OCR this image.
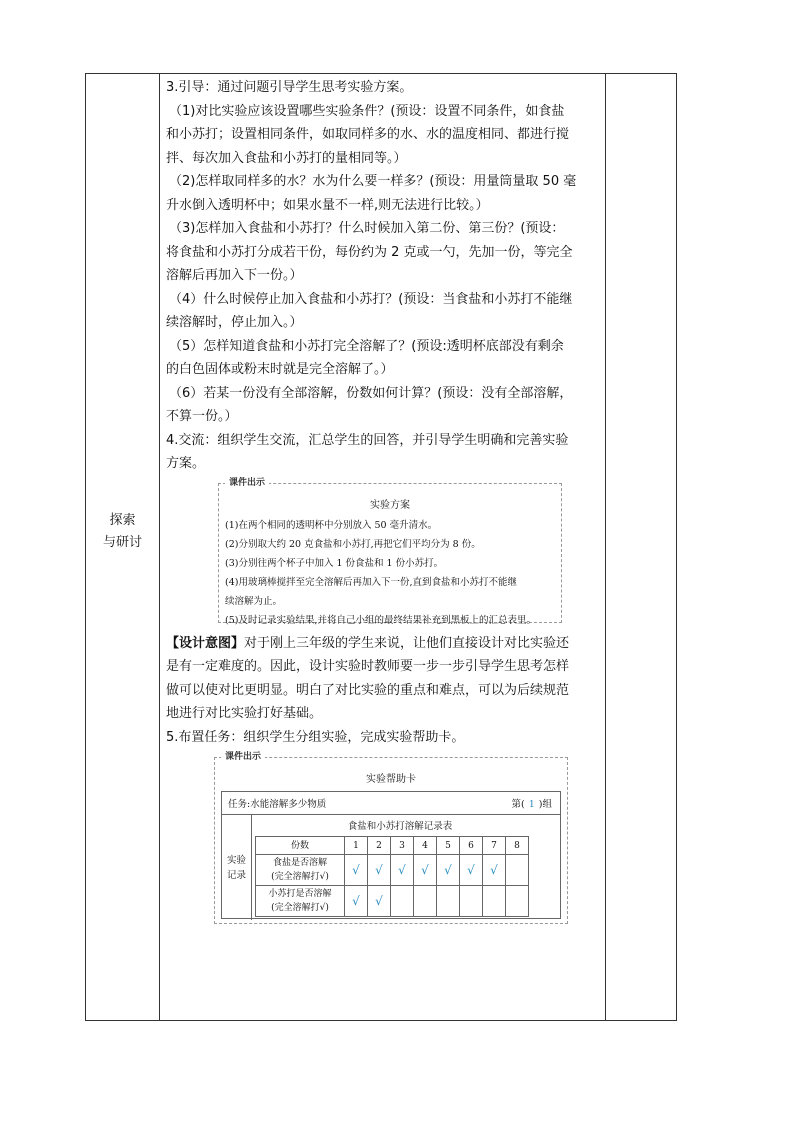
探索
与研讨

3.引导：通过问题引导学生思考实验方案。

（1)对比实验应该设置哪些实验条件？(预设：设置不同条件，如食盐

和小苏打；设置相同条件，如取同样多的水、水的温度相同、都进行搅

拌、每次加入食盐和小苏打的量相同等。）

（2)怎样取同样多的水？水为什么要一样多？(预设：用量筒量取 50 毫

升水倒入透明杯中；如果水量不一样,则无法进行比较。）

（3)怎样加入食盐和小苏打？什么时候加入第二份、第三份？(预设：

将食盐和小苏打分成若干份，每份约为 2 克或一勺，先加一份，等完全

溶解后再加入下一份。）

（4）什么时候停止加入食盐和小苏打？(预设：当食盐和小苏打不能继

续溶解时，停止加入。）

（5）怎样知道食盐和小苏打完全溶解了？(预设:透明杯底部没有剩余

的白色固体或粉末时就是完全溶解了。）

（6）若某一份没有全部溶解，份数如何计算？(预设：没有全部溶解，

不算一份。）

4.交流：组织学生交流，汇总学生的回答，并引导学生明确和完善实验

方案。

课件出示
实验方案
(1)在两个相同的透明杯中分别放入 50 毫升清水。
(2)分别取大约 20 克食盐和小苏打,再把它们平均分为 8 份。
(3)分别往两个杯子中加入 1 份食盐和 1 份小苏打。
(4)用玻璃棒搅拌至完全溶解后再加入下一份,直到食盐和小苏打不能继
续溶解为止。
(5)及时记录实验结果,并将自己小组的最终结果补充到黑板上的汇总表里。

【设计意图】对于刚上三年级的学生来说，让他们直接设计对比实验还

是有一定难度的。因此，设计实验时教师要一步一步引导学生思考怎样

做可以使对比更明显。明白了对比实验的重点和难点，可以为后续规范

地进行对比实验打好基础。

5.布置任务：组织学生分组实验，完成实验帮助卡。

课件出示
实验帮助卡
任务:水能溶解多少物质	第( 1 )组
实验
记录
食盐和小苏打溶解记录表
份数	1	2	3	4	5	6	7	8
食盐是否溶解
(完全溶解打√)	√	√	√	√	√	√	√	
小苏打是否溶解
(完全溶解打√)	√	√						
